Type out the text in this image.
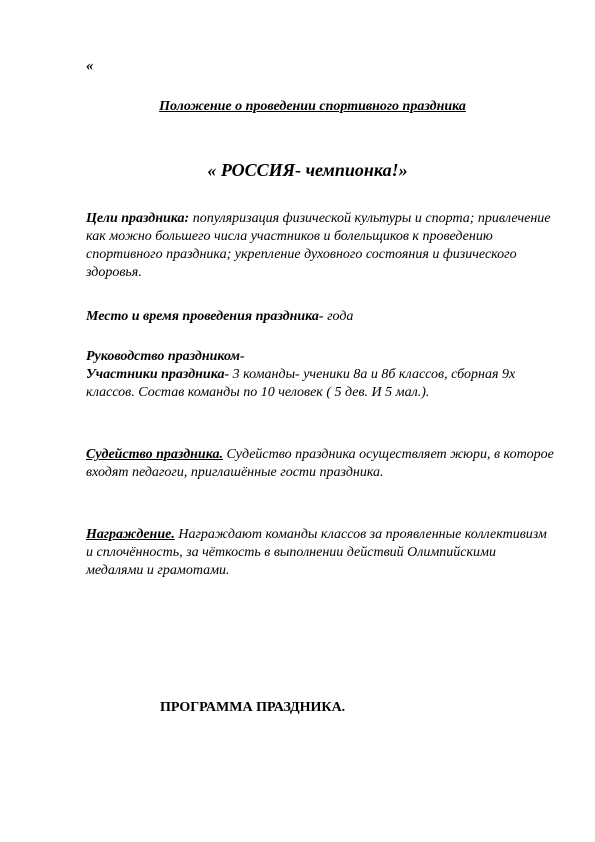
«
Положение о проведении спортивного праздника
« РОССИЯ- чемпионка!»
Цели праздника: популяризация физической культуры и спорта; привлечение как можно большего числа участников и болельщиков к проведению спортивного праздника; укрепление духовного состояния и физического здоровья.
Место и время проведения праздника- года
Руководство праздником-
Участники праздника- 3 команды- ученики 8а и 8б классов, сборная 9х классов. Состав команды по 10 человек ( 5 дев. И 5 мал.).
Судейство праздника. Судейство праздника осуществляет жюри, в которое входят педагоги, приглашённые гости праздника.
Награждение. Награждают команды классов за проявленные коллективизм и сплочённость, за чёткость в выполнении действий Олимпийскими медалями и грамотами.
ПРОГРАММА ПРАЗДНИКА.
